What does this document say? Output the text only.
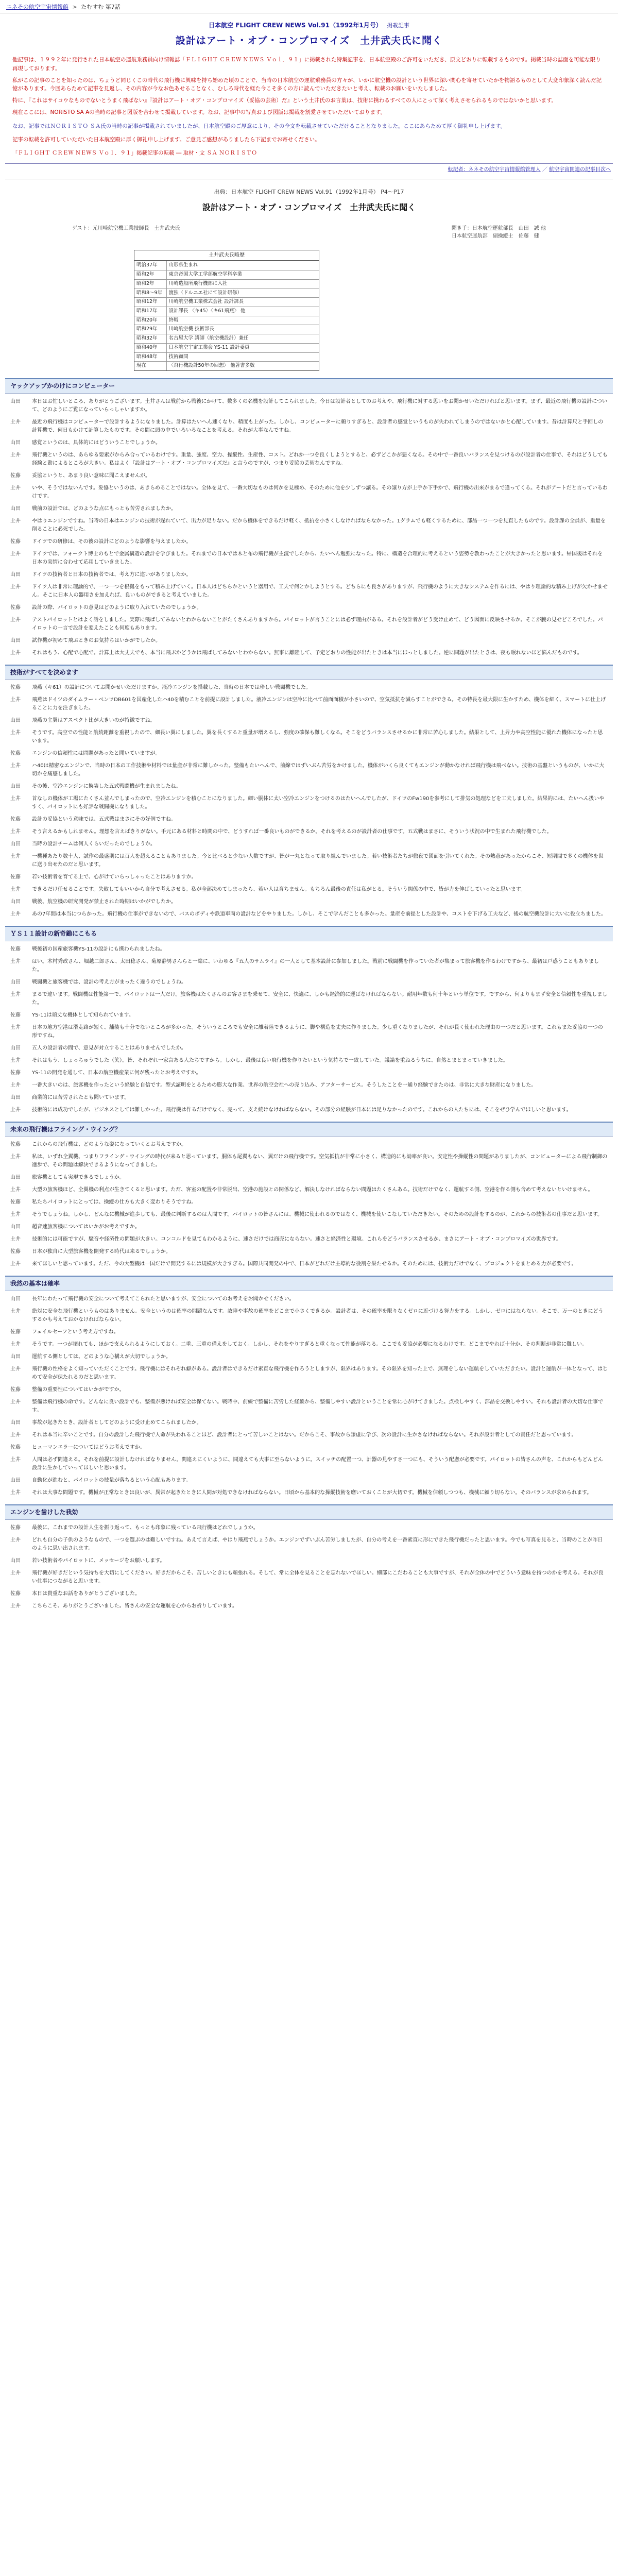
ニネその航空宇宙情報館 > たむすむ 第7話
日本航空 FLIGHT CREW NEWS Vol.91（1992年1月号） 掲載記事
設計はアート・オブ・コンプロマイズ　土井武夫氏に聞く

他記事は、１９９２年に発行された日本航空の運航乗務員向け情報誌「ＦＬＩＧＨＴ ＣＲＥＷ ＮＥＷＳ Ｖｏｌ．９１」に掲載された特集記事を、日本航空殿のご許可をいただき、原文どおりに転載するものです。掲載当時の誌面を可能な限り再現しております。

私がこの記事のことを知ったのは、ちょうど同じくこの時代の飛行機に興味を持ち始めた頃のことで、当時の日本航空の運航乗務員の方々が、いかに航空機の設計という世界に深い関心を寄せていたかを物語るものとして大変印象深く読んだ記憶があります。今回あらためて記事を見返し、その内容が今なお色あせることなく、むしろ時代を経た今こそ多くの方に読んでいただきたいと考え、転載のお願いをいたしました。

特に、『これはサイコウなものでないとうまく飛ばない』『設計はアート・オブ・コンプロマイズ（妥協の芸術）だ』という土井氏のお言葉は、技術に携わるすべての人にとって深く考えさせられるものではないかと思います。

現在ここには、NORISTO SA Aの当時の記事と図版を合わせて掲載しています。なお、記事中の写真および図版は掲載を割愛させていただいております。

なお、記事ではＮＯＲＩＳＴＯ ＳＡ氏の当時の記事が掲載されていましたが、日本航空殿のご厚意により、その全文を転載させていただけることとなりました。ここにあらためて厚く御礼申し上げます。
記事の転載を許可していただいた日本航空殿に厚く御礼申し上げます。ご意見ご感想がありましたら下記までお寄せください。
「ＦＬＩＧＨＴ ＣＲＥＷ ＮＥＷＳ Ｖｏｌ．９１」掲載記事の転載 ― 取材・文 ＳＡ ＮＯＲＩＳＴＯ
転記者：ネネその航空宇宙情報館管理人 ／ 航空宇宙関連の記事目次へ
出典：日本航空 FLIGHT CREW NEWS Vol.91（1992年1月号） P4〜P17
設計はアート・オブ・コンプロマイズ　土井武夫氏に聞く
ゲスト：元川崎航空機工業技師長　土井武夫氏	聞き手：日本航空運航部長　山田　誠 他
日本航空運航部　副操縦士　佐藤　健
土井武夫氏略歴
明治37年	山形県生まれ
昭和2年	東京帝国大学工学部航空学科卒業
昭和2年	川崎造船所飛行機部に入社
昭和8〜9年	渡独（ドルニエ社にて設計研修）
昭和12年	川崎航空機工業株式会社 設計課長
昭和17年	設計課長 〈キ45〉〈キ61飛燕〉 他
昭和20年	終戦
昭和29年	川崎航空機 技術部長
昭和32年	名古屋大学 講師（航空機設計）兼任
昭和40年	日本航空宇宙工業会 YS-11 設計委員
昭和48年	技術顧問
現在	〈飛行機設計50年の回想〉 他著書多数
ヤックアップかのけにコンピューター
山田	本日はお忙しいところ、ありがとうございます。土井さんは戦前から戦後にかけて、数多くの名機を設計してこられました。今日は設計者としてのお考えや、飛行機に対する思いをお聞かせいただければと思います。まず、最近の飛行機の設計について、どのようにご覧になっていらっしゃいますか。
土井	最近の飛行機はコンピューターで設計するようになりました。計算はたいへん速くなり、精度も上がった。しかし、コンピューターに頼りすぎると、設計者の感覚というものが失われてしまうのではないかと心配しています。昔は計算尺と手回しの計算機で、何日もかけて計算したものです。その間に頭の中でいろいろなことを考える。それが大事なんですね。
山田	感覚というのは、具体的にはどういうことでしょうか。
土井	飛行機というのは、あらゆる要素がからみ合っているわけです。重量、強度、空力、操縦性、生産性、コスト。どれか一つを良くしようとすると、必ずどこかが悪くなる。その中で一番良いバランスを見つけるのが設計者の仕事で、それはどうしても経験と勘によるところが大きい。私はよく『設計はアート・オブ・コンプロマイズだ』と言うのですが、つまり妥協の芸術なんですね。
佐藤	妥協というと、あまり良い意味に聞こえませんが。
土井	いや、そうではないんです。妥協というのは、あきらめることではない。全体を見て、一番大切なものは何かを見極め、そのために他を少しずつ譲る。その譲り方が上手か下手かで、飛行機の出来がまるで違ってくる。それがアートだと言っているわけです。
山田	戦前の設計では、どのような点にもっとも苦労されましたか。
土井	やはりエンジンですね。当時の日本はエンジンの技術が遅れていて、出力が足りない。だから機体をできるだけ軽く、抵抗を小さくしなければならなかった。1グラムでも軽くするために、部品一つ一つを見直したものです。設計課の全員が、重量を削ることに必死でした。
佐藤	ドイツでの研修は、その後の設計にどのような影響を与えましたか。
土井	ドイツでは、フォークト博士のもとで金属構造の設計を学びました。それまでの日本では木と布の飛行機が主流でしたから、たいへん勉強になった。特に、構造を合理的に考えるという姿勢を教わったことが大きかったと思います。帰国後はそれを日本の実情に合わせて応用していきました。
山田	ドイツの技術者と日本の技術者では、考え方に違いがありましたか。
土井	ドイツ人は非常に理論的で、一つ一つを根拠をもって積み上げていく。日本人はどちらかというと器用で、工夫で何とかしようとする。どちらにも良さがありますが、飛行機のように大きなシステムを作るには、やはり理論的な積み上げが欠かせません。そこに日本人の器用さを加えれば、良いものができると考えていました。
佐藤	設計の際、パイロットの意見はどのように取り入れていたのでしょうか。
土井	テストパイロットとはよく話をしました。実際に飛ばしてみないとわからないことがたくさんありますから。パイロットが言うことには必ず理由がある。それを設計者がどう受け止めて、どう図面に反映させるか。そこが腕の見せどころでした。パイロットの一言で設計を変えたことも何度もあります。
山田	試作機が初めて飛ぶときのお気持ちはいかがでしたか。
土井	それはもう、心配で心配で。計算上は大丈夫でも、本当に飛ぶかどうかは飛ばしてみないとわからない。無事に離陸して、予定どおりの性能が出たときは本当にほっとしました。逆に問題が出たときは、夜も眠れないほど悩んだものです。
技術がすべてを決めます
佐藤	飛燕（キ61）の設計についてお聞かせいただけますか。液冷エンジンを搭載した、当時の日本では珍しい戦闘機でした。
土井	飛燕はドイツのダイムラー・ベンツDB601を国産化したハ40を積むことを前提に設計しました。液冷エンジンは空冷に比べて前面面積が小さいので、空気抵抗を減らすことができる。その特長を最大限に生かすため、機体を細く、スマートに仕上げることに力を注ぎました。
山田	飛燕の主翼はアスペクト比が大きいのが特徴ですね。
土井	そうです。高空での性能と航続距離を重視したので、細長い翼にしました。翼を長くすると重量が増えるし、強度の確保も難しくなる。そこをどうバランスさせるかに非常に苦心しました。結果として、上昇力や高空性能に優れた機体になったと思います。
佐藤	エンジンの信頼性には問題があったと聞いていますが。
土井	ハ40は精密なエンジンで、当時の日本の工作技術や材料では量産が非常に難しかった。整備もたいへんで、前線ではずいぶん苦労をかけました。機体がいくら良くてもエンジンが動かなければ飛行機は飛べない。技術の基盤というものが、いかに大切かを痛感しました。
山田	その後、空冷エンジンに換装した五式戦闘機が生まれましたね。
土井	首なしの機体が工場にたくさん並んでしまったので、空冷エンジンを積むことになりました。細い胴体に太い空冷エンジンをつけるのはたいへんでしたが、ドイツのFw190を参考にして排気の処理などを工夫しました。結果的には、たいへん扱いやすく、パイロットにも好評な戦闘機になりました。
佐藤	設計の妥協という意味では、五式戦はまさにその好例ですね。
土井	そう言えるかもしれません。理想を言えばきりがない。手元にある材料と時間の中で、どうすれば一番良いものができるか。それを考えるのが設計者の仕事です。五式戦はまさに、そういう状況の中で生まれた飛行機でした。
山田	当時の設計チームは何人くらいだったのでしょうか。
土井	一機種あたり数十人、試作の最盛期には百人を超えることもありました。今と比べると少ない人数ですが、皆が一丸となって取り組んでいました。若い技術者たちが徹夜で図面を引いてくれた。その熱意があったからこそ、短期間で多くの機体を世に送り出せたのだと思います。
佐藤	若い技術者を育てる上で、心がけていらっしゃったことはありますか。
土井	できるだけ任せることです。失敗してもいいから自分で考えさせる。私が全部決めてしまったら、若い人は育ちません。もちろん最後の責任は私がとる。そういう関係の中で、皆が力を伸ばしていったと思います。
山田	戦後、航空機の研究開発が禁止された時期はいかがでしたか。
土井	あの7年間は本当につらかった。飛行機の仕事ができないので、バスのボディや鉄道車両の設計などをやりました。しかし、そこで学んだことも多かった。量産を前提とした設計や、コストを下げる工夫など、後の航空機設計に大いに役立ちました。
ＹＳ１１設計の新奇鋤にこもる
佐藤	戦後初の国産旅客機YS-11の設計にも携わられましたね。
土井	はい。木村秀政さん、堀越二郎さん、太田稔さん、菊原静男さんらと一緒に、いわゆる『五人のサムライ』の一人として基本設計に参加しました。戦前に戦闘機を作っていた者が集まって旅客機を作るわけですから、最初は戸惑うこともありました。
山田	戦闘機と旅客機では、設計の考え方がまったく違うのでしょうね。
土井	まるで違います。戦闘機は性能第一で、パイロットは一人だけ。旅客機はたくさんのお客さまを乗せて、安全に、快適に、しかも経済的に運ばなければならない。耐用年数も何十年という単位です。ですから、何よりもまず安全と信頼性を重視しました。
佐藤	YS-11は頑丈な機体として知られています。
土井	日本の地方空港は滑走路が短く、舗装も十分でないところが多かった。そういうところでも安全に離着陸できるように、脚や構造を丈夫に作りました。少し重くなりましたが、それが長く使われた理由の一つだと思います。これもまた妥協の一つの形ですね。
山田	五人の設計者の間で、意見が対立することはありませんでしたか。
土井	それはもう、しょっちゅうでした（笑）。皆、それぞれ一家言ある人たちですから。しかし、最後は良い飛行機を作りたいという気持ちで一致していた。議論を重ねるうちに、自然とまとまっていきました。
佐藤	YS-11の開発を通して、日本の航空機産業に何が残ったとお考えですか。
土井	一番大きいのは、旅客機を作ったという経験と自信です。型式証明をとるための膨大な作業、世界の航空会社への売り込み、アフターサービス。そうしたことを一通り経験できたのは、非常に大きな財産になりました。
山田	商業的には苦労されたとも聞いています。
土井	技術的には成功でしたが、ビジネスとしては難しかった。飛行機は作るだけでなく、売って、支え続けなければならない。その部分の経験が日本には足りなかったのです。これからの人たちには、そこをぜひ学んでほしいと思います。
未来の飛行機はフライング・ウイング？
佐藤	これからの飛行機は、どのような姿になっていくとお考えですか。
土井	私は、いずれ全翼機、つまりフライング・ウイングの時代が来ると思っています。胴体も尾翼もない、翼だけの飛行機です。空気抵抗が非常に小さく、構造的にも効率が良い。安定性や操縦性の問題がありましたが、コンピューターによる飛行制御の進歩で、その問題は解決できるようになってきました。
山田	旅客機としても実現できるでしょうか。
土井	大型の旅客機ほど、全翼機の利点が生きてくると思います。ただ、客室の配置や非常脱出、空港の施設との関係など、解決しなければならない問題はたくさんある。技術だけでなく、運航する側、空港を作る側も含めて考えないといけません。
佐藤	私たちパイロットにとっては、操縦の仕方も大きく変わりそうですね。
土井	そうでしょうね。しかし、どんなに機械が進歩しても、最後に判断するのは人間です。パイロットの皆さんには、機械に使われるのではなく、機械を使いこなしていただきたい。そのための設計をするのが、これからの技術者の仕事だと思います。
山田	超音速旅客機についてはいかがお考えですか。
土井	技術的には可能ですが、騒音や経済性の問題が大きい。コンコルドを見てもわかるように、速さだけでは商売にならない。速さと経済性と環境。これらをどうバランスさせるか、まさにアート・オブ・コンプロマイズの世界です。
佐藤	日本が独自に大型旅客機を開発する時代は来るでしょうか。
土井	来てほしいと思っています。ただ、今の大型機は一国だけで開発するには規模が大きすぎる。国際共同開発の中で、日本がどれだけ主導的な役割を果たせるか。そのためには、技術力だけでなく、プロジェクトをまとめる力が必要です。
我然の基本は確率
山田	長年にわたって飛行機の安全について考えてこられたと思いますが、安全についてのお考えをお聞かせください。
土井	絶対に安全な飛行機というものはありません。安全というのは確率の問題なんです。故障や事故の確率をどこまで小さくできるか。設計者は、その確率を限りなくゼロに近づける努力をする。しかし、ゼロにはならない。そこで、万一のときにどうするかも考えておかなければならない。
佐藤	フェイルセーフという考え方ですね。
土井	そうです。一つが壊れても、ほかで支えられるようにしておく。二重、三重の備えをしておく。しかし、それをやりすぎると重くなって性能が落ちる。ここでも妥協が必要になるわけです。どこまでやれば十分か、その判断が非常に難しい。
山田	運航する側としては、どのような心構えが大切でしょうか。
土井	飛行機の性格をよく知っていただくことです。飛行機にはそれぞれ癖がある。設計者はできるだけ素直な飛行機を作ろうとしますが、限界はあります。その限界を知った上で、無理をしない運航をしていただきたい。設計と運航が一体となって、はじめて安全が保たれるのだと思います。
佐藤	整備の重要性についてはいかがですか。
土井	整備は飛行機の命です。どんなに良い設計でも、整備が悪ければ安全は保てない。戦時中、前線で整備に苦労した経験から、整備しやすい設計ということを常に心がけてきました。点検しやすく、部品を交換しやすい。それも設計者の大切な仕事です。
山田	事故が起きたとき、設計者としてどのように受け止めてこられましたか。
土井	それは本当に辛いことです。自分の設計した飛行機で人命が失われることほど、設計者にとって苦しいことはない。だからこそ、事故から謙虚に学び、次の設計に生かさなければならない。それが設計者としての責任だと思っています。
佐藤	ヒューマンエラーについてはどうお考えですか。
土井	人間は必ず間違える。それを前提に設計しなければなりません。間違えにくいように、間違えても大事に至らないように。スイッチの配置一つ、計器の見やすさ一つにも、そういう配慮が必要です。パイロットの皆さんの声を、これからもどんどん設計に生かしていってほしいと思います。
山田	自動化が進むと、パイロットの技量が落ちるという心配もあります。
土井	それは大事な問題です。機械が正常なときは良いが、異常が起きたときに人間が対処できなければならない。日頃から基本的な操縦技術を磨いておくことが大切です。機械を信頼しつつも、機械に頼り切らない。そのバランスが求められます。
エンジンを歯けした我効
佐藤	最後に、これまでの設計人生を振り返って、もっとも印象に残っている飛行機はどれでしょうか。
土井	どれも自分の子供のようなもので、一つを選ぶのは難しいですね。あえて言えば、やはり飛燕でしょうか。エンジンでずいぶん苦労しましたが、自分の考えを一番素直に形にできた飛行機だったと思います。今でも写真を見ると、当時のことが昨日のように思い出されます。
山田	若い技術者やパイロットに、メッセージをお願いします。
土井	飛行機が好きだという気持ちを大切にしてください。好きだからこそ、苦しいときにも頑張れる。そして、常に全体を見ることを忘れないでほしい。細部にこだわることも大事ですが、それが全体の中でどういう意味を持つのかを考える。それが良い仕事につながると思います。
佐藤	本日は貴重なお話をありがとうございました。
土井	こちらこそ、ありがとうございました。皆さんの安全な運航を心からお祈りしています。
